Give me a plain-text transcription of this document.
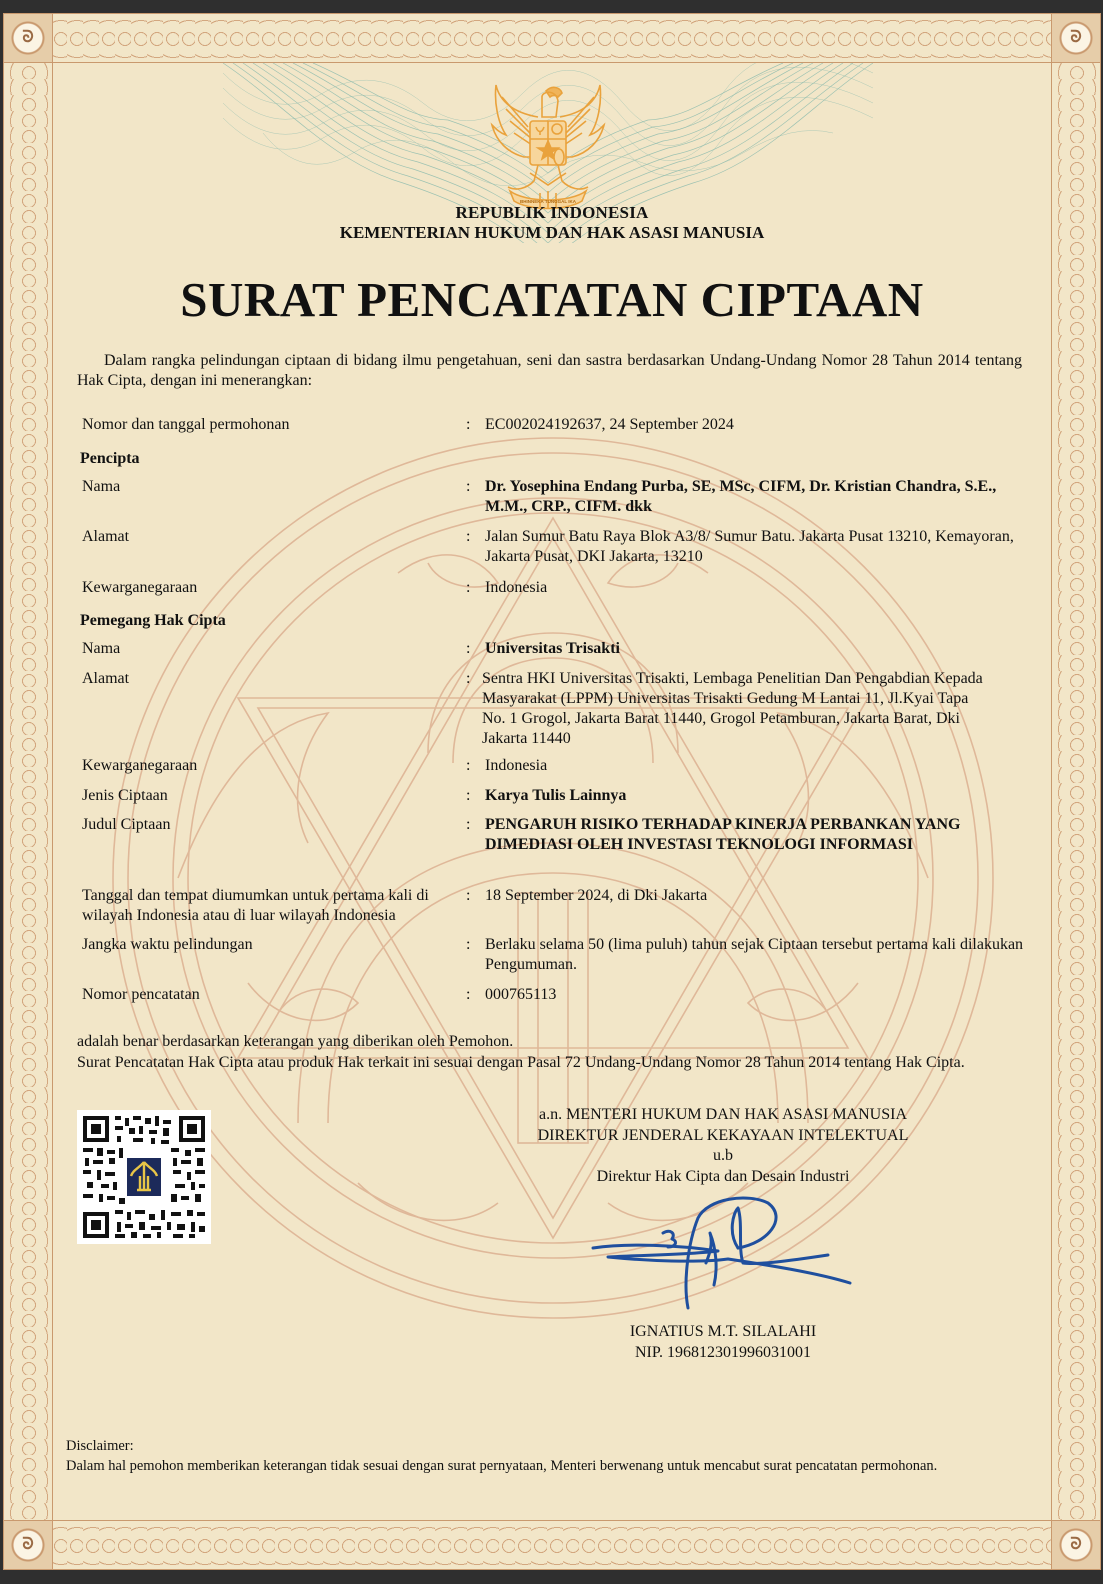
ᘐ	ᘐ
ᘐ	ᘐ
BHINNEKA TUNGGAL IKA
REPUBLIK INDONESIA
KEMENTERIAN HUKUM DAN HAK ASASI MANUSIA
SURAT PENCATATAN CIPTAAN
Dalam rangka pelindungan ciptaan di bidang ilmu pengetahuan, seni dan sastra berdasarkan Undang-Undang Nomor 28 Tahun 2014 tentang Hak Cipta, dengan ini menerangkan:
Nomor dan tanggal permohonan	: EC002024192637, 24 September 2024
Pencipta
Nama	: Dr. Yosephina Endang Purba, SE, MSc, CIFM, Dr. Kristian Chandra, S.E., M.M., CRP., CIFM. dkk
Alamat	: Jalan Sumur Batu Raya Blok A3/8/ Sumur Batu. Jakarta Pusat 13210, Kemayoran, Jakarta Pusat, DKI Jakarta, 13210
Kewarganegaraan	: Indonesia
Pemegang Hak Cipta
Nama	: Universitas Trisakti
Alamat	: Sentra HKI Universitas Trisakti, Lembaga Penelitian Dan Pengabdian Kepada Masyarakat (LPPM) Universitas Trisakti Gedung M Lantai 11, Jl.Kyai Tapa No. 1 Grogol, Jakarta Barat 11440, Grogol Petamburan, Jakarta Barat, Dki Jakarta 11440
Kewarganegaraan	: Indonesia
Jenis Ciptaan	: Karya Tulis Lainnya
Judul Ciptaan	: PENGARUH RISIKO TERHADAP KINERJA PERBANKAN YANG DIMEDIASI OLEH INVESTASI TEKNOLOGI INFORMASI
Tanggal dan tempat diumumkan untuk pertama kali di wilayah Indonesia atau di luar wilayah Indonesia
: 18 September 2024, di Dki Jakarta
Jangka waktu pelindungan	: Berlaku selama 50 (lima puluh) tahun sejak Ciptaan tersebut pertama kali dilakukan Pengumuman.
Nomor pencatatan	: 000765113
adalah benar berdasarkan keterangan yang diberikan oleh Pemohon.
Surat Pencatatan Hak Cipta atau produk Hak terkait ini sesuai dengan Pasal 72 Undang-Undang Nomor 28 Tahun 2014 tentang Hak Cipta.
a.n. MENTERI HUKUM DAN HAK ASASI MANUSIA
DIREKTUR JENDERAL KEKAYAAN INTELEKTUAL
u.b
Direktur Hak Cipta dan Desain Industri
IGNATIUS M.T. SILALAHI
NIP. 196812301996031001
Disclaimer:
Dalam hal pemohon memberikan keterangan tidak sesuai dengan surat pernyataan, Menteri berwenang untuk mencabut surat pencatatan permohonan.
